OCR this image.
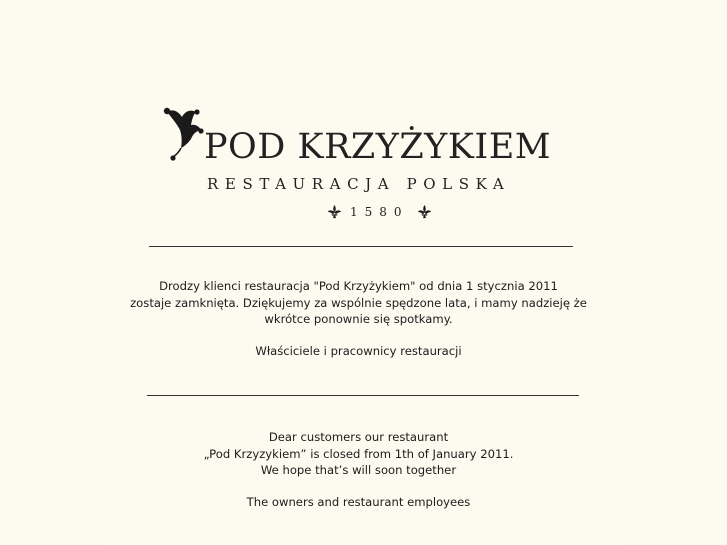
POD KRZYŻYKIEM
RESTAURACJA POLSKA
1580
Drodzy klienci restauracja "Pod Krzyżykiem" od dnia 1 stycznia 2011
zostaje zamknięta. Dziękujemy za wspólnie spędzone lata, i mamy nadzieję że
wkrótce ponownie się spotkamy.
Właściciele i pracownicy restauracji
Dear customers our restaurant
„Pod Krzyzykiem” is closed from 1th of January 2011.
We hope that’s will soon together
The owners and restaurant employees
